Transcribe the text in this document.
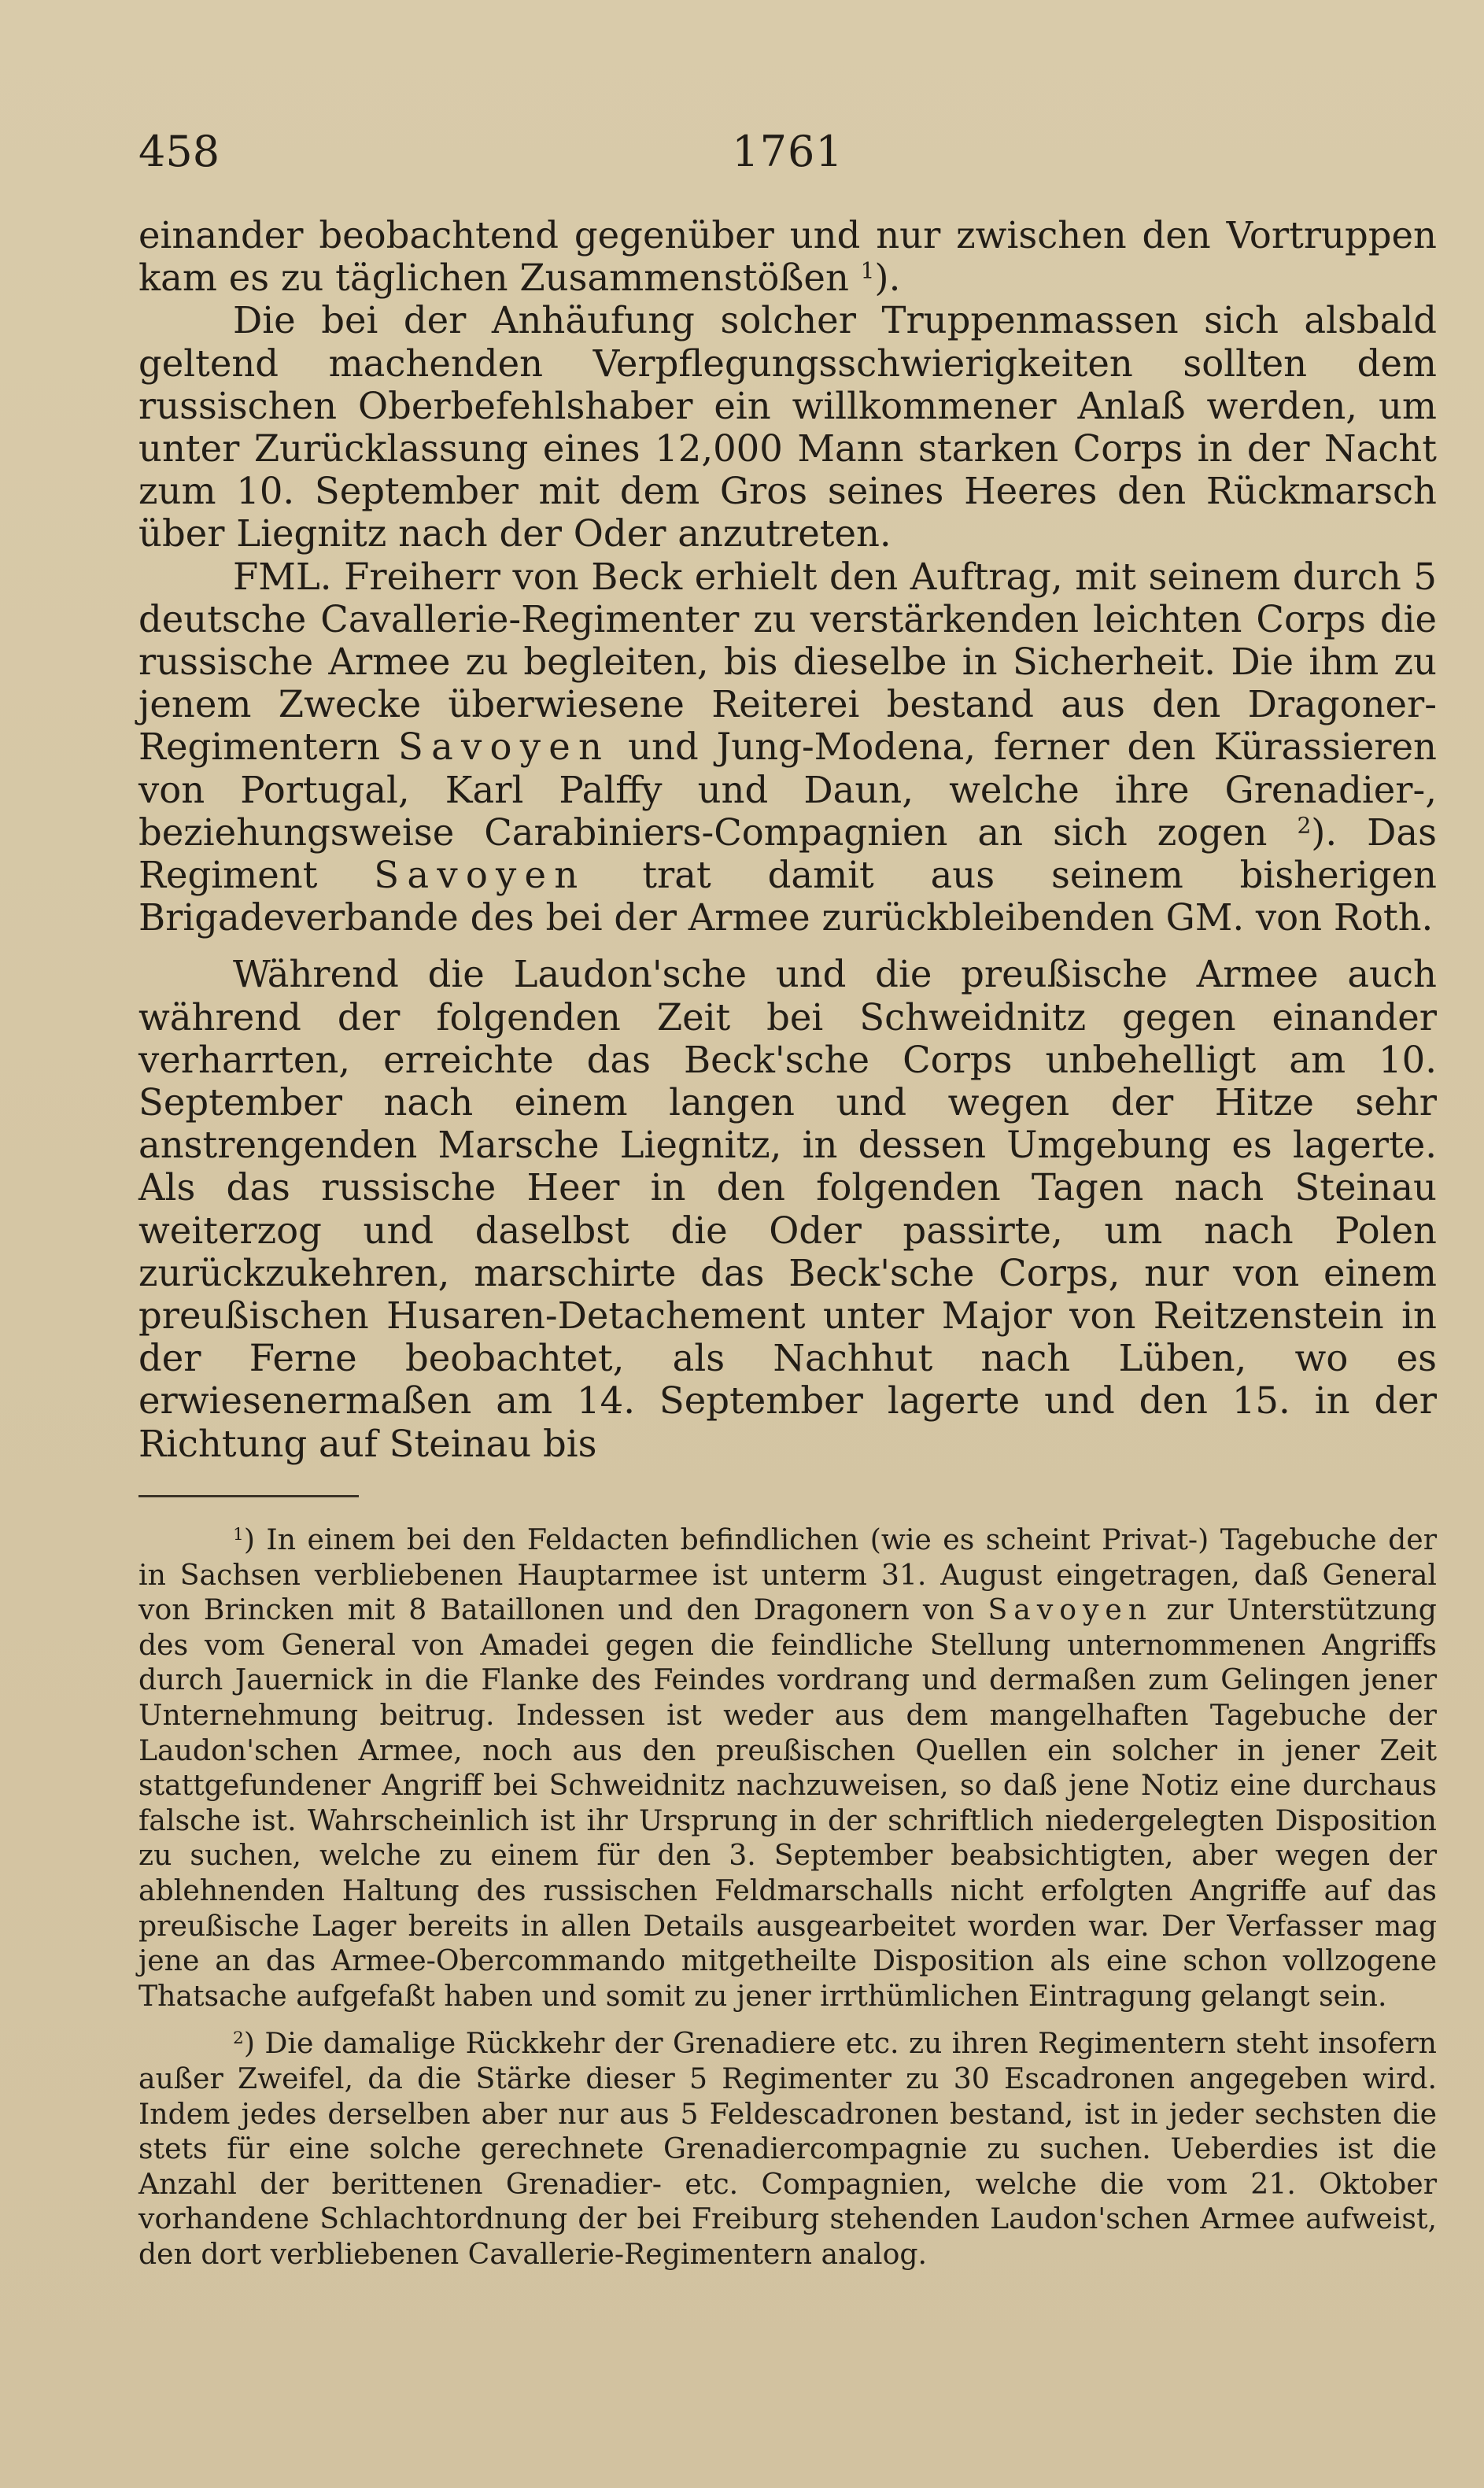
458	1761

einander beobachtend gegenüber und nur zwischen den Vortruppen kam es zu täglichen Zusammenstößen $^1$).

Die bei der Anhäufung solcher Truppenmassen sich alsbald geltend machenden Verpflegungsschwierigkeiten sollten dem russischen Oberbefehlshaber ein willkommener Anlaß werden, um unter Zurücklassung eines 12,000 Mann starken Corps in der Nacht zum 10. September mit dem Gros seines Heeres den Rückmarsch über Liegnitz nach der Oder anzutreten.

FML. Freiherr von Beck erhielt den Auftrag, mit seinem durch 5 deutsche Cavallerie-Regimenter zu verstärkenden leichten Corps die russische Armee zu begleiten, bis dieselbe in Sicherheit. Die ihm zu jenem Zwecke überwiesene Reiterei bestand aus den Dragoner-Regimentern Savoyen und Jung-Modena, ferner den Kürassieren von Portugal, Karl Palffy und Daun, welche ihre Grenadier-, beziehungsweise Carabiniers-Compagnien an sich zogen $^2$). Das Regiment Savoyen trat damit aus seinem bisherigen Brigadeverbande des bei der Armee zurückbleibenden GM. von Roth.

Während die Laudon'sche und die preußische Armee auch während der folgenden Zeit bei Schweidnitz gegen einander verharrten, erreichte das Beck'sche Corps unbehelligt am 10. September nach einem langen und wegen der Hitze sehr anstrengenden Marsche Liegnitz, in dessen Umgebung es lagerte. Als das russische Heer in den folgenden Tagen nach Steinau weiterzog und daselbst die Oder passirte, um nach Polen zurückzukehren, marschirte das Beck'sche Corps, nur von einem preußischen Husaren-Detachement unter Major von Reitzenstein in der Ferne beobachtet, als Nachhut nach Lüben, wo es erwiesenermaßen am 14. September lagerte und den 15. in der Richtung auf Steinau bis

$^1$) In einem bei den Feldacten befindlichen (wie es scheint Privat-) Tagebuche der in Sachsen verbliebenen Hauptarmee ist unterm 31. August eingetragen, daß General von Brincken mit 8 Bataillonen und den Dragonern von Savoyen zur Unterstützung des vom General von Amadei gegen die feindliche Stellung unternommenen Angriffs durch Jauernick in die Flanke des Feindes vordrang und dermaßen zum Gelingen jener Unternehmung beitrug. Indessen ist weder aus dem mangelhaften Tagebuche der Laudon'schen Armee, noch aus den preußischen Quellen ein solcher in jener Zeit stattgefundener Angriff bei Schweidnitz nachzuweisen, so daß jene Notiz eine durchaus falsche ist. Wahrscheinlich ist ihr Ursprung in der schriftlich niedergelegten Disposition zu suchen, welche zu einem für den 3. September beabsichtigten, aber wegen der ablehnenden Haltung des russischen Feldmarschalls nicht erfolgten Angriffe auf das preußische Lager bereits in allen Details ausgearbeitet worden war. Der Verfasser mag jene an das Armee-Obercommando mitgetheilte Disposition als eine schon vollzogene Thatsache aufgefaßt haben und somit zu jener irrthümlichen Eintragung gelangt sein.

$^2$) Die damalige Rückkehr der Grenadiere etc. zu ihren Regimentern steht insofern außer Zweifel, da die Stärke dieser 5 Regimenter zu 30 Escadronen angegeben wird. Indem jedes derselben aber nur aus 5 Feldescadronen bestand, ist in jeder sechsten die stets für eine solche gerechnete Grenadiercompagnie zu suchen. Ueberdies ist die Anzahl der berittenen Grenadier- etc. Compagnien, welche die vom 21. Oktober vorhandene Schlachtordnung der bei Freiburg stehenden Laudon'schen Armee aufweist, den dort verbliebenen Cavallerie-Regimentern analog.
